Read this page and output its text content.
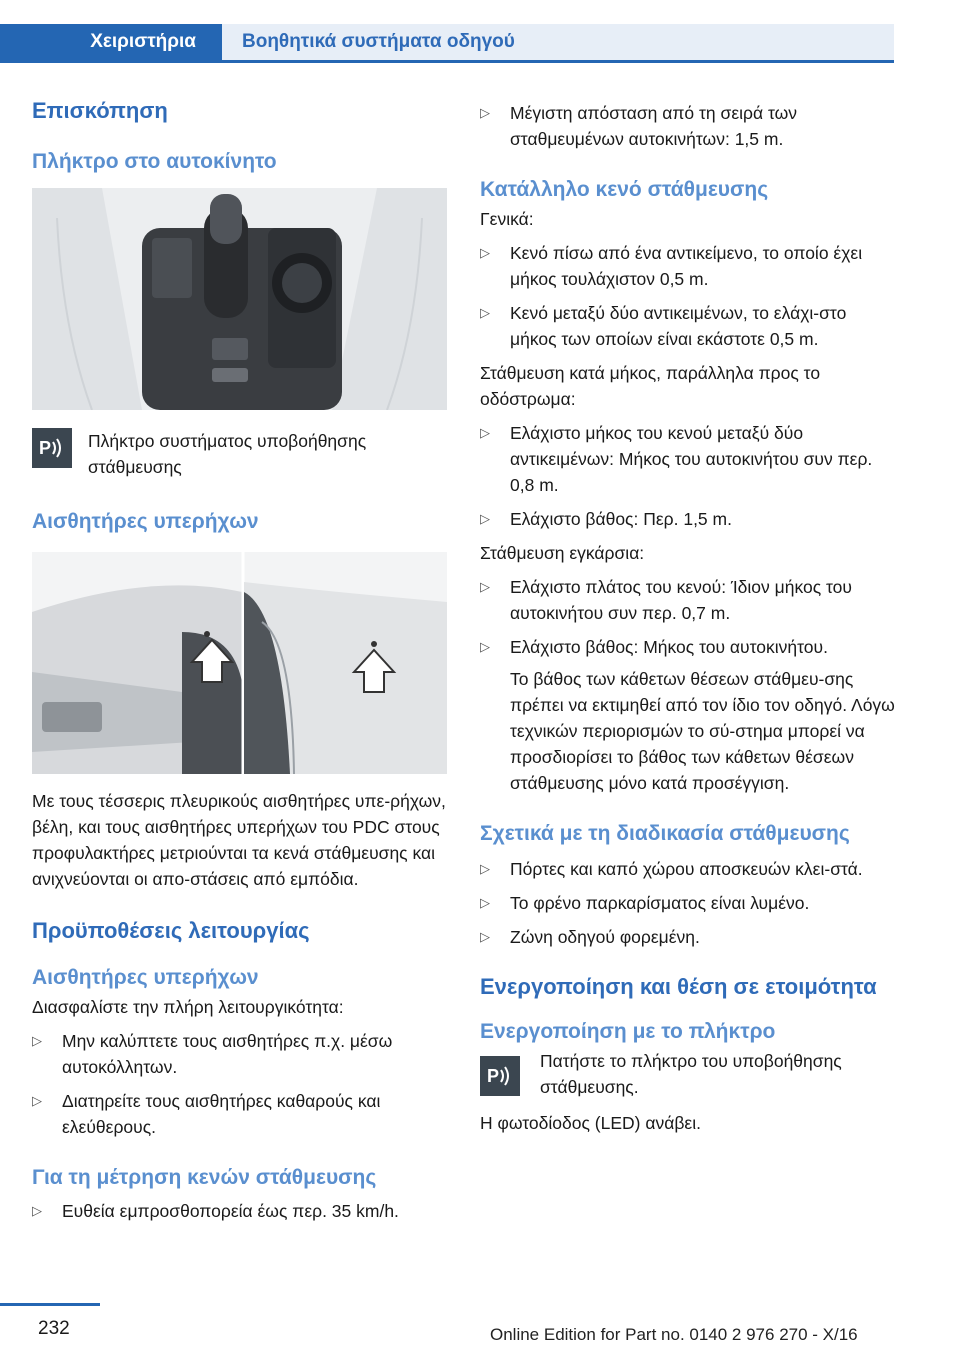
Χειριστήρια	Βοηθητικά συστήματα οδηγού
Επισκόπηση
Πλήκτρο στο αυτοκίνητο
P Πλήκτρο συστήματος υποβοήθησης στάθμευσης

Αισθητήρες υπερήχων

Με τους τέσσερις πλευρικούς αισθητήρες υπε-ρήχων, βέλη, και τους αισθητήρες υπερήχων του PDC στους προφυλακτήρες μετριούνται τα κενά στάθμευσης και ανιχνεύονται οι απο-στάσεις από εμπόδια.

Προϋποθέσεις λειτουργίας
Αισθητήρες υπερήχων

Διασφαλίστε την πλήρη λειτουργικότητα:

▷ Μην καλύπτετε τους αισθητήρες π.χ. μέσω αυτοκόλλητων.
▷ Διατηρείτε τους αισθητήρες καθαρούς και ελεύθερους.
Για τη μέτρηση κενών στάθμευσης
▷ Ευθεία εμπροσθοπορεία έως περ. 35 km/h.
▷ Μέγιστη απόσταση από τη σειρά των σταθμευμένων αυτοκινήτων: 1,5 m.
Κατάλληλο κενό στάθμευσης

Γενικά:

▷ Κενό πίσω από ένα αντικείμενο, το οποίο έχει μήκος τουλάχιστον 0,5 m.
▷ Κενό μεταξύ δύο αντικειμένων, το ελάχι-στο μήκος των οποίων είναι εκάστοτε 0,5 m.

Στάθμευση κατά μήκος, παράλληλα προς το οδόστρωμα:

▷ Ελάχιστο μήκος του κενού μεταξύ δύο αντικειμένων: Μήκος του αυτοκινήτου συν περ. 0,8 m.
▷ Ελάχιστο βάθος: Περ. 1,5 m.

Στάθμευση εγκάρσια:

▷ Ελάχιστο πλάτος του κενού: Ίδιον μήκος του αυτοκινήτου συν περ. 0,7 m.
▷ Ελάχιστο βάθος: Μήκος του αυτοκινήτου.

Το βάθος των κάθετων θέσεων στάθμευ-σης πρέπει να εκτιμηθεί από τον ίδιο τον οδηγό. Λόγω τεχνικών περιορισμών το σύ-στημα μπορεί να προσδιορίσει το βάθος των κάθετων θέσεων στάθμευσης μόνο κατά προσέγγιση.

Σχετικά με τη διαδικασία στάθμευσης
▷ Πόρτες και καπό χώρου αποσκευών κλει-στά.
▷ Το φρένο παρκαρίσματος είναι λυμένο.
▷ Ζώνη οδηγού φορεμένη.
Ενεργοποίηση και θέση σε ετοιμότητα
Ενεργοποίηση με το πλήκτρο
P

Πατήστε το πλήκτρο του υποβοήθησης στάθμευσης.

Η φωτοδίοδος (LED) ανάβει.

232	Online Edition for Part no. 0140 2 976 270 - X/16
